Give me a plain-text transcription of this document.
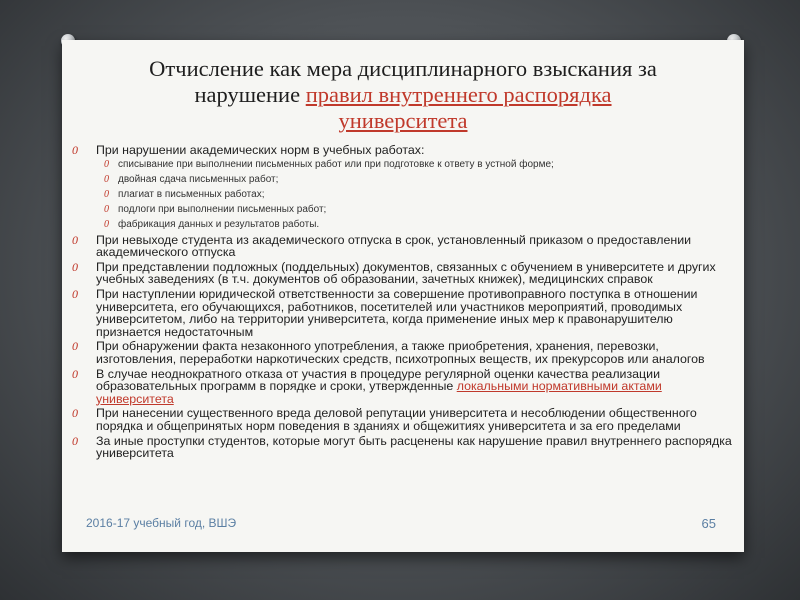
Отчисление как мера дисциплинарного взыскания за
нарушение правил внутреннего распорядка
университета
0 При нарушении академических норм в учебных работах:
0 списывание при выполнении письменных работ или при подготовке к ответу в устной форме;
0 двойная сдача письменных работ;
0 плагиат в письменных работах;
0 подлоги при выполнении письменных работ;
0 фабрикация данных и результатов работы.
0 При невыходе студента из академического отпуска в срок, установленный приказом о предоставлении академического отпуска
0 При представлении подложных (поддельных) документов, связанных с обучением в университете и других учебных заведениях (в т.ч. документов об образовании, зачетных книжек), медицинских справок
0 При наступлении юридической ответственности за совершение противоправного поступка в отношении университета, его обучающихся, работников, посетителей или участников мероприятий, проводимых университетом, либо на территории университета, когда применение иных мер к правонарушителю признается недостаточным
0 При обнаружении факта незаконного употребления, а также приобретения, хранения, перевозки, изготовления, переработки наркотических средств, психотропных веществ, их прекурсоров или аналогов
0 В случае неоднократного отказа от участия в процедуре регулярной оценки качества реализации образовательных программ в порядке и сроки, утвержденные локальными нормативными актами университета
0 При нанесении существенного вреда деловой репутации университета и несоблюдении общественного порядка и общепринятых норм поведения в зданиях и общежитиях университета и за его пределами
0 За иные проступки студентов, которые могут быть расценены как нарушение правил внутреннего распорядка университета
2016-17 учебный год, ВШЭ	65
